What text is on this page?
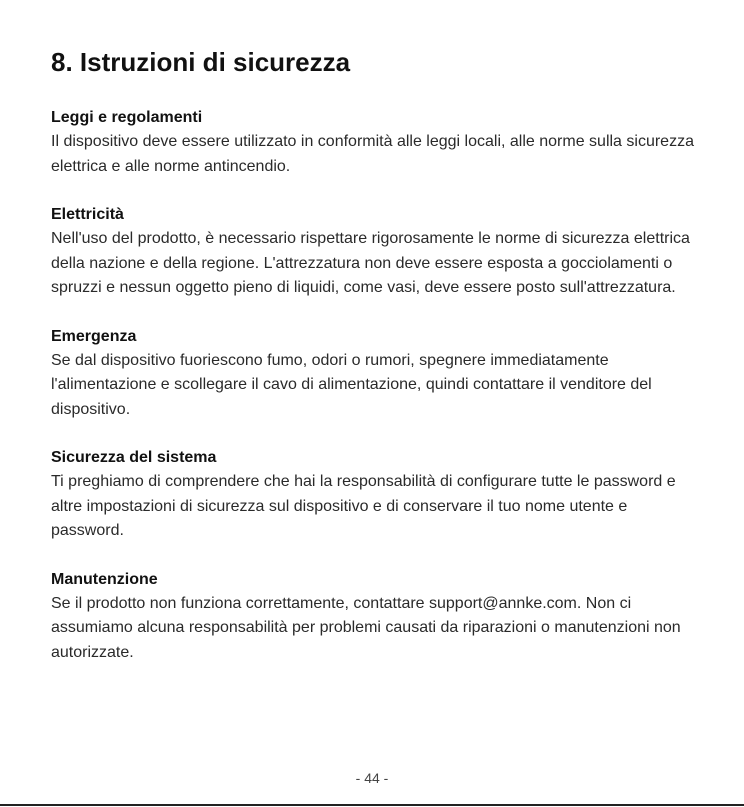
8. Istruzioni di sicurezza

Leggi e regolamenti

Il dispositivo deve essere utilizzato in conformità alle leggi locali, alle norme sulla sicurezza elettrica e alle norme antincendio.

Elettricità

Nell'uso del prodotto, è necessario rispettare rigorosamente le norme di sicurezza elettrica della nazione e della regione. L'attrezzatura non deve essere esposta a gocciolamenti o spruzzi e nessun oggetto pieno di liquidi, come vasi, deve essere posto sull'attrezzatura.

Emergenza

Se dal dispositivo fuoriescono fumo, odori o rumori, spegnere immediatamente l'alimentazione e scollegare il cavo di alimentazione, quindi contattare il venditore del dispositivo.

Sicurezza del sistema

Ti preghiamo di comprendere che hai la responsabilità di configurare tutte le password e altre impostazioni di sicurezza sul dispositivo e di conservare il tuo nome utente e password.

Manutenzione

Se il prodotto non funziona correttamente, contattare support@annke.com. Non ci assumiamo alcuna responsabilità per problemi causati da riparazioni o manutenzioni non autorizzate.

- 44 -
